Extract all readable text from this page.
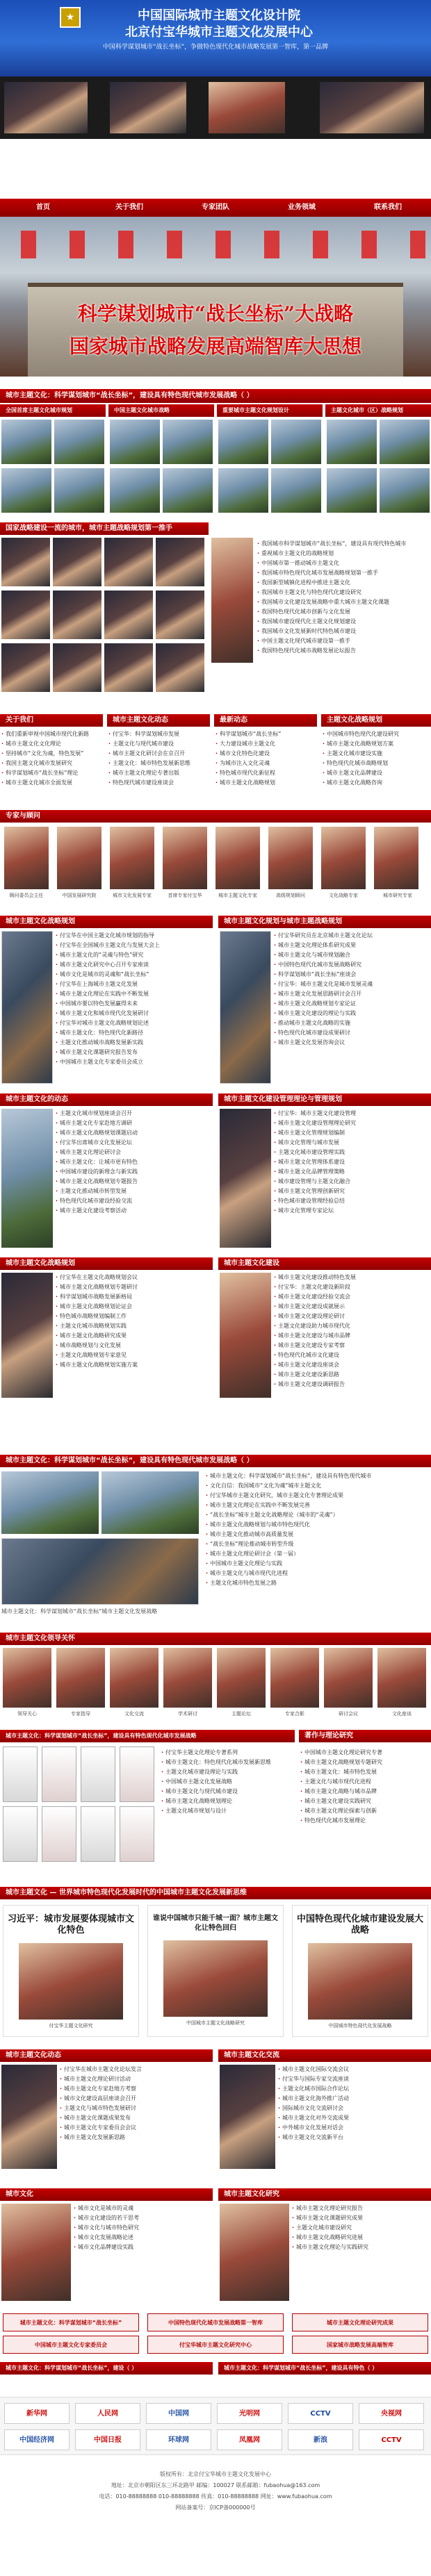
★	中国国际城市主题文化设计院
北京付宝华城市主题文化发展中心
中国科学谋划城市“战长坐标”，争做特色现代化城市战略发展第一智库，第一品牌
首页	关于我们	专家团队	业务领域	联系我们
科学谋划城市“战长坐标”大战略
国家城市战略发展高端智库大思想
城市主题文化：科学谋划城市“战长坐标”，建设具有特色现代城市发展战略（ ）
全国首席主题文化城市规划	中国主题文化城市战略	重要城市主题文化规划设计	主题文化城市（区）战略规划
国家战略建设一流的城市，城市主题战略规划第一推手
· 我国城市科学谋划城市“战长坐标”，建设具有现代特色城市
· 重视城市主题文化的战略规划
· 中国城市第一推动城市主题文化
· 我国城市特色现代化城市发展战略规划第一推手
· 我国新型城镇化进程中推进主题文化
· 我国城市主题文化与特色现代化建设研究
· 我国城市文化建设发展战略中重大城市主题文化课题
· 我国特色现代化城市创新与文化发展
· 我国城市建设现代化主题文化规划建设
· 我国城市文化发展新时代特色城市建设
· 中国主题文化现代城市建设第一推手
· 我国特色现代化城市战略发展论坛报告
关于我们	城市主题文化动态	最新动态	主题文化战略规划
· 我们重新审视中国城市现代化新路
· 城市主题文化文化理论
· 坚持城市“文化为魂，特色发展”
· 我国主题文化城市发展研究
· 科学谋划城市“战长坐标”理论
· 城市主题文化城市全面发展
· 付宝华：科学谋划城市发展
· 主题文化与现代城市建设
· 城市主题文化研讨会在京召开
· 主题文化：城市特色发展新思维
· 城市主题文化理论专著出版
· 特色现代城市建设座谈会
· 科学谋划城市“战长坐标”
· 大力建设城市主题文化
· 城市文化特色化建设
· 为城市注入文化灵魂
· 特色城市现代化新征程
· 城市主题文化战略规划
· 中国城市特色现代化建设研究
· 城市主题文化战略规划方案
· 主题文化城市建设实施
· 特色现代化城市战略规划
· 城市主题文化品牌建设
· 城市主题文化战略咨询
专家与顾问
顾问委员会主任	中国发展研究院	城市文化发展专家	首席专家付宝华	城市主题文化专家	高级规划顾问	文化战略专家	城市研究专家
城市主题文化战略规划	城市主题文化规划与城市主题战略规划
· 付宝华在中国主题文化城市规划的指导
· 付宝华在全国城市主题文化与发展大会上
· 城市主题文化的“灵魂与特色”研究
· 城市主题文化研究中心召开专家座谈
· 城市文化是城市的灵魂和“战长坐标”
· 付宝华在上海城市主题文化发展
· 城市主题文化理论在实践中不断发展
· 中国城市要以特色发展赢得未来
· 城市主题文化和城市现代化发展研讨
· 付宝华对城市主题文化战略规划论述
· 城市主题文化：特色现代化新路径
· 主题文化推动城市战略发展新实践
· 城市主题文化课题研究报告发布
· 中国城市主题文化专家委员会成立
· 付宝华研究员在北京城市主题文化论坛
· 城市主题文化理论体系研究成果
· 城市主题文化与城市规划融合
· 中国特色现代化城市发展战略研究
· 科学谋划城市“战长坐标”座谈会
· 付宝华：城市主题文化是城市发展灵魂
· 城市主题文化发展思路研讨会召开
· 城市主题文化战略规划专家论证
· 城市主题文化建设的理论与实践
· 推动城市主题文化战略的实施
· 特色现代化城市建设成果研讨
· 城市主题文化发展咨询会议
城市主题文化的动态	城市主题文化建设管理理论与管理规划
· 主题文化城市规划座谈会召开
· 城市主题文化专家赴地方调研
· 城市主题文化战略规划课题启动
· 付宝华出席城市文化发展论坛
· 城市主题文化理论研讨会
· 城市主题文化：让城市更有特色
· 中国城市建设的新理念与新实践
· 城市主题文化战略规划专题报告
· 主题文化推动城市转型发展
· 特色现代化城市建设经验交流
· 城市主题文化建设考察活动
· 付宝华：城市主题文化建设管理
· 城市主题文化建设管理理论研究
· 城市主题文化管理规划编制
· 城市文化管理与城市发展
· 主题文化城市建设管理实践
· 城市主题文化管理体系建设
· 城市主题文化品牌管理策略
· 城市建设管理与主题文化融合
· 城市主题文化管理创新研究
· 特色城市建设管理经验总结
· 城市文化管理专家论坛
城市主题文化战略规划	城市主题文化建设
· 付宝华在主题文化战略规划会议
· 城市主题文化战略规划专题研讨
· 科学谋划城市战略发展新格局
· 城市主题文化战略规划论证会
· 特色城市战略规划编制工作
· 主题文化城市战略规划实践
· 城市主题文化战略研究成果
· 城市战略规划与文化发展
· 主题文化战略规划专家意见
· 城市主题文化战略规划实施方案
· 城市主题文化建设推动特色发展
· 付宝华：主题文化建设新阶段
· 城市主题文化建设经验交流会
· 城市主题文化建设成就展示
· 城市主题文化建设理论研讨
· 主题文化建设助力城市现代化
· 城市主题文化建设与城市品牌
· 城市主题文化建设专家考察
· 特色现代化城市文化建设
· 城市主题文化建设座谈会
· 城市主题文化建设新思路
· 城市主题文化建设调研报告
城市主题文化：科学谋划城市“战长坐标”，建设具有特色现代城市发展战略（ ）
城市主题文化：科学谋划城市“战长坐标”城市主题文化发展战略
· 城市主题文化：科学谋划城市“战长坐标”，建设具有特色现代城市
· 文化自信：我国城市“文化为魂”城市主题文化
· 付宝华城市主题文化研究，城市主题文化专著理论成果
· 城市主题文化理论在实践中不断发展完善
· “战长坐标”城市主题文化战略理论（城市的“灵魂”）
· 城市主题文化战略规划与城市特色现代化
· 城市主题文化推动城市高质量发展
· “战长坐标”理论推动城市转型升级
· 城市主题文化理论研讨会（第一届）
· 中国城市主题文化理论与实践
· 城市主题文化与城市现代化进程
· 主题文化城市特色发展之路
城市主题文化领导关怀
领导关心	专家指导	文化交流	学术研讨	主题论坛	专家合影	研讨会议	文化座谈
城市主题文化：科学谋划城市“战长坐标”，建设具有特色现代化城市发展战略	著作与理论研究
· 付宝华主题文化理论专著系列
· 城市主题文化：特色现代化城市发展新思维
· 主题文化城市建设理论与实践
· 中国城市主题文化发展战略
· 城市主题文化与现代城市建设
· 城市主题文化战略规划理论
· 主题文化城市规划与设计
· 中国城市主题文化理论研究专著
· 城市主题文化战略规划专题研究
· 城市主题文化：城市特色发展
· 主题文化与城市现代化进程
· 城市主题文化战略与城市品牌
· 城市主题文化建设实践研究
· 城市主题文化理论探索与创新
· 特色现代化城市发展理论
城市主题文化 — 世界城市特色现代化发展时代的中国城市主题文化发展新思维
习近平：城市发展要体现城市文化特色
付宝华主题文化研究
谁说中国城市只能千城一面？城市主题文化让特色回归
中国城市主题文化战略研究
中国特色现代化城市建设发展大战略
中国城市特色现代化发展战略
城市主题文化动态	城市主题文化交流
· 付宝华在城市主题文化论坛发言
· 城市主题文化理论研讨活动
· 城市主题文化专家赴地方考察
· 城市文化建设高层座谈会召开
· 主题文化与城市特色发展研讨
· 城市主题文化课题成果发布
· 城市主题文化专家委员会会议
· 城市主题文化发展新思路
· 城市主题文化国际交流会议
· 付宝华与国际专家交流座谈
· 主题文化城市国际合作论坛
· 城市主题文化海外推广活动
· 国际城市文化交流研讨会
· 城市主题文化对外交流成果
· 中外城市文化发展对话会
· 城市主题文化交流新平台
城市文化	城市主题文化研究
· 城市文化是城市的灵魂
· 城市文化建设的若干思考
· 城市文化与城市特色研究
· 城市文化发展战略论述
· 城市文化品牌建设实践
· 城市主题文化理论研究报告
· 城市主题文化课题研究成果
· 主题文化城市建设研究
· 城市主题文化战略研究进展
· 城市主题文化理论与实践研究
城市主题文化：科学谋划城市“战长坐标”	中国特色现代化城市发展战略第一智库	城市主题文化理论研究成果
中国城市主题文化专家委员会	付宝华城市主题文化研究中心	国家城市战略发展高端智库
城市主题文化：科学谋划城市“战长坐标”，建设（ ）	城市主题文化：科学谋划城市“战长坐标”，建设具有特色（ ）
新华网	人民网	中国网	光明网	CCTV	央视网
中国经济网	中国日报	环球网	凤凰网	新浪	CCTV
版权所有：北京付宝华城市主题文化发展中心
地址：北京市朝阳区东三环北路甲 邮编：100027 联系邮箱：fubaohua@163.com
电话：010-88888888 010-88888888 传真：010-88888888 网址：www.fubaohua.com
网站备案号：京ICP备000000号
